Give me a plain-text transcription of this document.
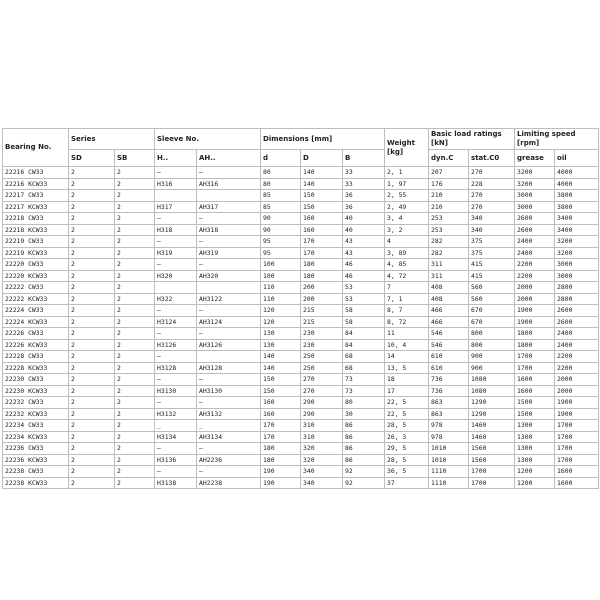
Bearing No.	Series		Sleeve No.		Dimensions [mm]			Weight [kg]	Basic load ratings [kN]		Limiting speed [rpm]	
	SD	SB	H..	AH..	d	D	B		dyn.C	stat.C0	grease	oil
22216 CW33	2	2	–	–	80	140	33	2, 1	207	270	3200	4000
22216 KCW33	2	2	H316	AH316	80	140	33	1, 97	176	228	3200	4000
22217 CW33	2	2			85	150	36	2, 55	210	270	3000	3800
22217 KCW33	2	2	H317	AH317	85	150	36	2, 49	210	270	3000	3800
22218 CW33	2	2	–	–	90	160	40	3, 4	253	340	2600	3400
22218 KCW33	2	2	H318	AH318	90	160	40	3, 2	253	340	2600	3400
22219 CW33	2	2	–	–	95	170	43	4	282	375	2400	3200
22219 KCW33	2	2	H319	AH319	95	170	43	3, 89	282	375	2400	3200
22220 CW33	2	2	–	–	100	180	46	4, 85	311	415	2200	3000
22220 KCW33	2	2	H320	AH320	100	180	46	4, 72	311	415	2200	3000
22222 CW33	2	2			110	200	53	7	408	560	2000	2800
22222 KCW33	2	2	H322	AH3122	110	200	53	7, 1	408	560	2000	2800
22224 CW33	2	2	–	–	120	215	58	8, 7	466	670	1900	2600
22224 KCW33	2	2	H3124	AH3124	120	215	58	8, 72	466	670	1900	2600
22226 CW33	2	2	–	–	130	230	84	11	546	800	1800	2400
22226 KCW33	2	2	H3126	AH3126	130	230	84	10, 4	546	800	1800	2400
22228 CW33	2	2	–		140	250	68	14	610	900	1700	2200
22228 KCW33	2	2	H3128	AH3128	140	250	68	13, 5	610	900	1700	2200
22230 CW33	2	2	–	–	150	270	73	18	736	1080	1600	2000
22230 KCW33	2	2	H3130	AH3130	150	270	73	17	736	1080	1600	2000
22232 CW33	2	2	–	–	160	290	80	22, 5	863	1290	1500	1900
22232 KCW33	2	2	H3132	AH3132	160	290	30	22, 5	863	1290	1500	1900
22234 CW33	2	2	_	_	170	310	86	28, 5	978	1460	1300	1700
22234 KCW33	2	2	H3134	AH3134	170	310	86	26, 3	978	1460	1300	1700
22236 CW33	2	2	–	–	180	320	86	29, 5	1010	1560	1300	1700
22236 KCW33	2	2	H3136	AH2236	180	320	86	28, 5	1010	1560	1300	1700
22238 CW33	2	2	–	–	190	340	92	36, 5	1110	1700	1200	1600
22238 KCW33	2	2	H3138	AH2238	190	340	92	37	1110	1700	1200	1600
